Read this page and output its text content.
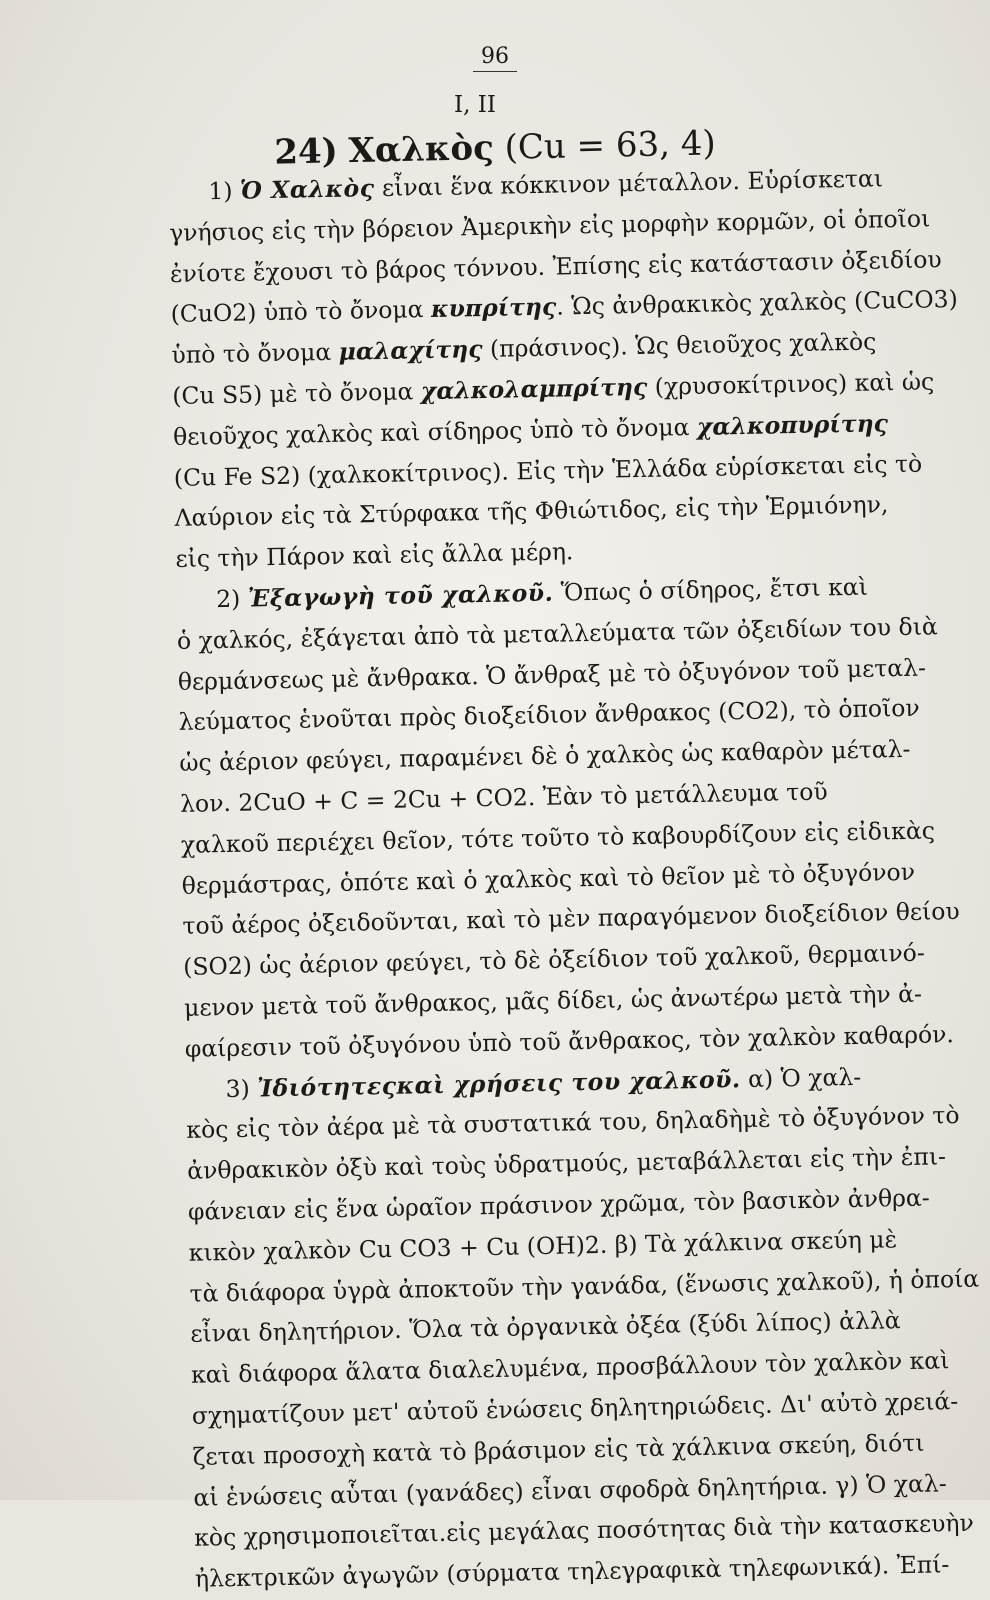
96
I, II
24) Χαλκὸς (Cu = 63, 4)
1) Ὁ Χαλκὸς εἶναι ἕνα κόκκινον μέταλλον. Εὑρίσκεται
γνήσιος εἰς τὴν βόρειον Ἀμερικὴν εἰς μορφὴν κορμῶν, οἱ ὁποῖοι
ἐνίοτε ἔχουσι τὸ βάρος τόννου. Ἐπίσης εἰς κατάστασιν ὀξειδίου
(CuO2) ὑπὸ τὸ ὄνομα κυπρίτης. Ὡς ἀνθρακικὸς χαλκὸς (CuCO3)
ὑπὸ τὸ ὄνομα μαλαχίτης (πράσινος). Ὡς θειοῦχος χαλκὸς
(Cu S5) μὲ τὸ ὄνομα χαλκολαμπρίτης (χρυσοκίτρινος) καὶ ὡς
θειοῦχος χαλκὸς καὶ σίδηρος ὑπὸ τὸ ὄνομα χαλκοπυρίτης
(Cu Fe S2) (χαλκοκίτρινος). Εἰς τὴν Ἑλλάδα εὑρίσκεται εἰς τὸ
Λαύριον εἰς τὰ Στύρφακα τῆς Φθιώτιδος, εἰς τὴν Ἑρμιόνην,
εἰς τὴν Πάρον καὶ εἰς ἄλλα μέρη.
2) Ἐξαγωγὴ τοῦ χαλκοῦ. Ὅπως ὁ σίδηρος, ἔτσι καὶ
ὁ χαλκός, ἐξάγεται ἀπὸ τὰ μεταλλεύματα τῶν ὀξειδίων του διὰ
θερμάνσεως μὲ ἄνθρακα. Ὁ ἄνθραξ μὲ τὸ ὀξυγόνον τοῦ μεταλ-
λεύματος ἑνοῦται πρὸς διοξείδιον ἄνθρακος (CO2), τὸ ὁποῖον
ὡς ἀέριον φεύγει, παραμένει δὲ ὁ χαλκὸς ὡς καθαρὸν μέταλ-
λον. 2CuO + C = 2Cu + CO2. Ἐὰν τὸ μετάλλευμα τοῦ
χαλκοῦ περιέχει θεῖον, τότε τοῦτο τὸ καβουρδίζουν εἰς εἰδικὰς
θερμάστρας, ὁπότε καὶ ὁ χαλκὸς καὶ τὸ θεῖον μὲ τὸ ὀξυγόνον
τοῦ ἀέρος ὀξειδοῦνται, καὶ τὸ μὲν παραγόμενον διοξείδιον θείου
(SO2) ὡς ἀέριον φεύγει, τὸ δὲ ὀξείδιον τοῦ χαλκοῦ, θερμαινό-
μενον μετὰ τοῦ ἄνθρακος, μᾶς δίδει, ὡς ἀνωτέρω μετὰ τὴν ἀ-
φαίρεσιν τοῦ ὀξυγόνου ὑπὸ τοῦ ἄνθρακος, τὸν χαλκὸν καθαρόν.
3) Ἰδιότητεςκαὶ χρήσεις του χαλκοῦ. α) Ὁ χαλ-
κὸς εἰς τὸν ἀέρα μὲ τὰ συστατικά του, δηλαδὴμὲ τὸ ὀξυγόνον τὸ
ἀνθρακικὸν ὀξὺ καὶ τοὺς ὑδρατμούς, μεταβάλλεται εἰς τὴν ἐπι-
φάνειαν εἰς ἕνα ὡραῖον πράσινον χρῶμα, τὸν βασικὸν ἀνθρα-
κικὸν χαλκὸν Cu CO3 + Cu (OH)2. β) Τὰ χάλκινα σκεύη μὲ
τὰ διάφορα ὑγρὰ ἀποκτοῦν τὴν γανάδα, (ἕνωσις χαλκοῦ), ἡ ὁποία
εἶναι δηλητήριον. Ὅλα τὰ ὀργανικὰ ὀξέα (ξύδι λίπος) ἀλλὰ
καὶ διάφορα ἅλατα διαλελυμένα, προσβάλλουν τὸν χαλκὸν καὶ
σχηματίζουν μετ' αὐτοῦ ἑνώσεις δηλητηριώδεις. Δι' αὐτὸ χρειά-
ζεται προσοχὴ κατὰ τὸ βράσιμον εἰς τὰ χάλκινα σκεύη, διότι
αἱ ἑνώσεις αὗται (γανάδες) εἶναι σφοδρὰ δηλητήρια. γ) Ὁ χαλ-
κὸς χρησιμοποιεῖται.εἰς μεγάλας ποσότητας διὰ τὴν κατασκευὴν
ἠλεκτρικῶν ἀγωγῶν (σύρματα τηλεγραφικὰ τηλεφωνικά). Ἐπί-
